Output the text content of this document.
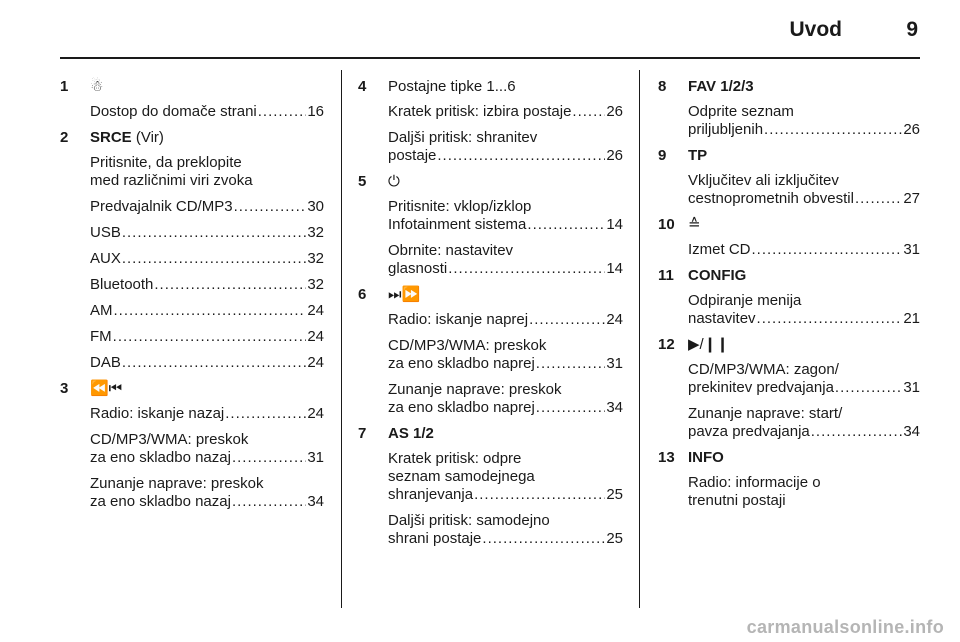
Uvod	9
1 ☃
Dostop do domače strani .....	16
2 SRCE (Vir)
Pritisnite, da preklopite
med različnimi viri zvoka
Predvajalnik CD/MP3 .....	30
USB .....	32
AUX .....	32
Bluetooth .....	32
AM .....	24
FM .....	24
DAB .....	24
3 ⏪⏮
Radio: iskanje nazaj .....	24
CD/MP3/WMA: preskok
za eno skladbo nazaj .....	31
Zunanje naprave: preskok
za eno skladbo nazaj .....	34
4 Postajne tipke 1...6
Kratek pritisk: izbira postaje ..... 26
Daljši pritisk: shranitev
postaje .....	26
5 ⏻
Pritisnite: vklop/izklop
Infotainment sistema .....	14
Obrnite: nastavitev
glasnosti .....	14
6 ⏭⏩
Radio: iskanje naprej .....	24
CD/MP3/WMA: preskok
za eno skladbo naprej .....	31
Zunanje naprave: preskok
za eno skladbo naprej .....	34
7 AS 1/2
Kratek pritisk: odpre
seznam samodejnega
shranjevanja .....	25
Daljši pritisk: samodejno
shrani postaje .....	25
8 FAV 1/2/3
Odprite seznam
priljubljenih .....	26
9 TP
Vključitev ali izključitev
cestnoprometnih obvestil .....	27
10 ≙
Izmet CD .....	31
11 CONFIG
Odpiranje menija
nastavitev .....	21
12 ▶/❙❙
CD/MP3/WMA: zagon/
prekinitev predvajanja .....	31
Zunanje naprave: start/
pavza predvajanja .....	34
13 INFO
Radio: informacije o
trenutni postaji
carmanualsonline.info
